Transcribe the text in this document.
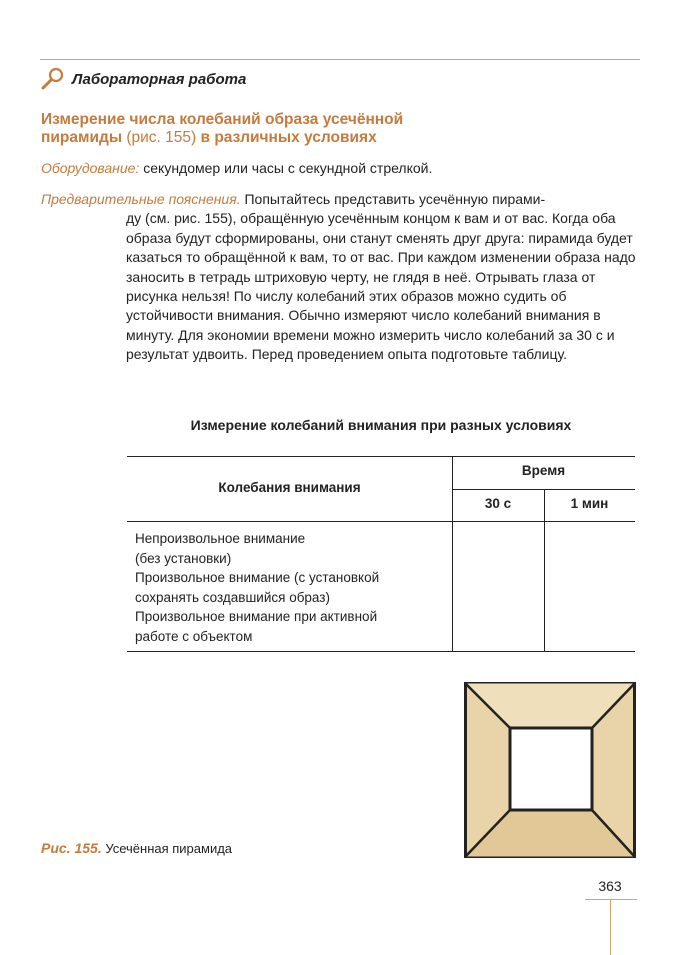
Лабораторная работа
Измерение числа колебаний образа усечённой
пирамиды (рис. 155) в различных условиях
Оборудование: секундомер или часы с секундной стрелкой.

Предварительные пояснения. Попытайтесь представить усечённую пирами-

ду (см. рис. 155), обращённую усечённым концом к вам и от вас. Когда оба образа будут сформированы, они станут сменять друг друга: пирамида будет казаться то обращённой к вам, то от вас. При каждом изменении образа надо заносить в тетрадь штриховую черту, не глядя в неё. Отрывать глаза от рисунка нельзя! По числу колебаний этих образов можно судить об устойчивости внимания. Обычно измеряют число колебаний внимания в минуту. Для экономии времени можно измерить число колебаний за 30 с и результат удвоить. Перед проведением опыта подготовьте таблицу.

Измерение колебаний внимания при разных условиях
Колебания внимания
Время
30 с	1 мин
Непроизвольное внимание
(без установки)
Произвольное внимание (с установкой
сохранять создавшийся образ)
Произвольное внимание при активной
работе с объектом
Рис. 155. Усечённая пирамида
363
